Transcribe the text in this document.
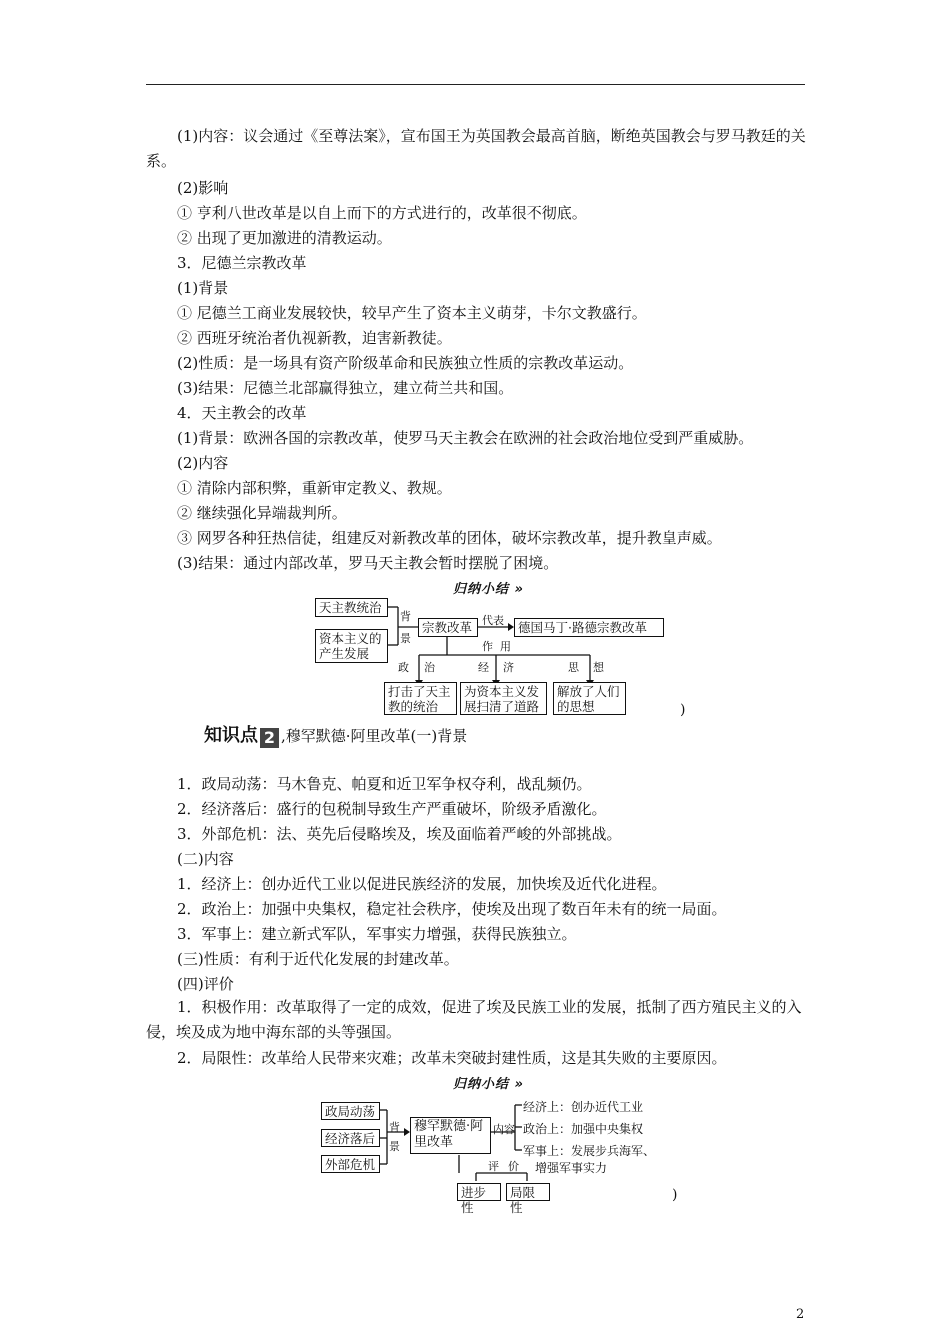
(1)内容：议会通过《至尊法案》，宣布国王为英国教会最高首脑，断绝英国教会与罗马教廷的关系。
(2)影响
① 亨利八世改革是以自上而下的方式进行的，改革很不彻底。
② 出现了更加激进的清教运动。
3．尼德兰宗教改革
(1)背景
① 尼德兰工商业发展较快，较早产生了资本主义萌芽，卡尔文教盛行。
② 西班牙统治者仇视新教，迫害新教徒。
(2)性质：是一场具有资产阶级革命和民族独立性质的宗教改革运动。
(3)结果：尼德兰北部赢得独立，建立荷兰共和国。
4．天主教会的改革
(1)背景：欧洲各国的宗教改革，使罗马天主教会在欧洲的社会政治地位受到严重威胁。
(2)内容
① 清除内部积弊，重新审定教义、教规。
② 继续强化异端裁判所。
③ 网罗各种狂热信徒，组建反对新教改革的团体，破坏宗教改革，提升教皇声威。
(3)结果：通过内部改革，罗马天主教会暂时摆脱了困境。
归纳小结 »
天主教统治
资本主义的产生发展
背
景
宗教改革 代表
作 用
德国马丁·路德宗教改革
政 治	经 济	思 想
打击了天主教的统治
为资本主义发展扫清了道路
解放了人们的思想	)
知识点 2 ,穆罕默德·阿里改革(一)背景
1．政局动荡：马木鲁克、帕夏和近卫军争权夺利，战乱频仍。
2．经济落后：盛行的包税制导致生产严重破坏，阶级矛盾激化。
3．外部危机：法、英先后侵略埃及，埃及面临着严峻的外部挑战。
(二)内容
1．经济上：创办近代工业以促进民族经济的发展，加快埃及近代化进程。
2．政治上：加强中央集权，稳定社会秩序，使埃及出现了数百年未有的统一局面。
3．军事上：建立新式军队，军事实力增强，获得民族独立。
(三)性质：有利于近代化发展的封建改革。
(四)评价
1．积极作用：改革取得了一定的成效，促进了埃及民族工业的发展，抵制了西方殖民主义的入侵，埃及成为地中海东部的头等强国。
2．局限性：改革给人民带来灾难；改革未突破封建性质，这是其失败的主要原因。
归纳小结 »
政局动荡
经济落后
外部危机
背
景
穆罕默德·阿里改革
内容
经济上：创办近代工业
政治上：加强中央集权
军事上：发展步兵海军、
增强军事实力
评 价
进步性
局限性
)
2
